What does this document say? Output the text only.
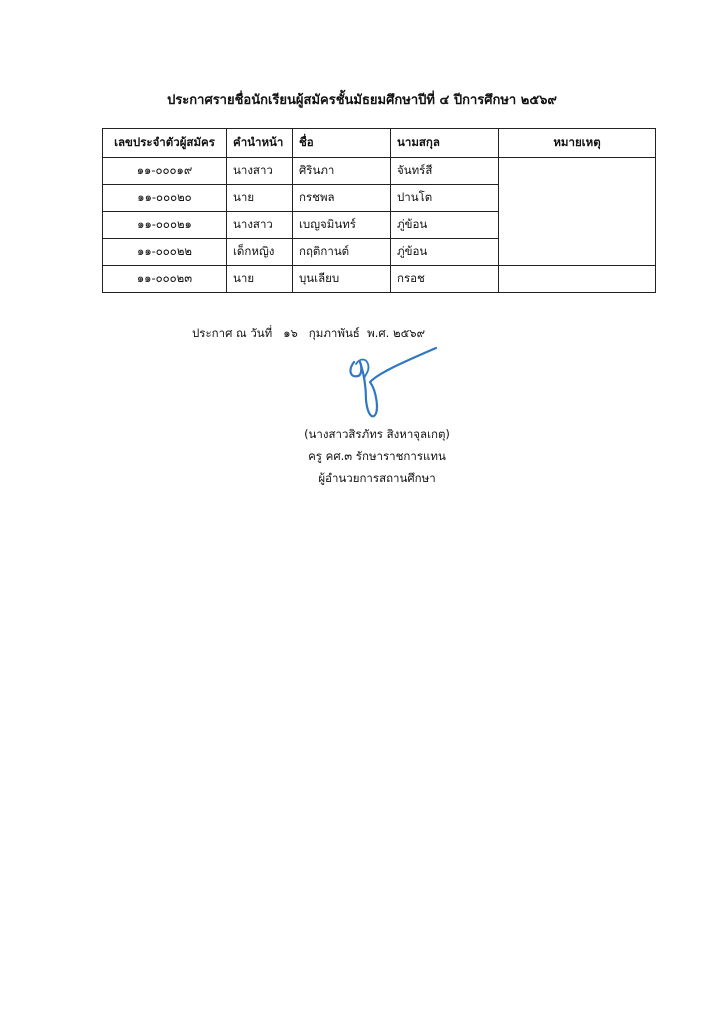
ประกาศรายชื่อนักเรียนผู้สมัครชั้นมัธยมศึกษาปีที่ ๔ ปีการศึกษา ๒๕๖๙
เลขประจำตัวผู้สมัคร	คำนำหน้า	ชื่อ	นามสกุล	หมายเหตุ
๑๑-๐๐๐๑๙	นางสาว	ศิรินภา	จันทร์สี	
๑๑-๐๐๐๒๐	นาย	กรชพล	ปานโต	
๑๑-๐๐๐๒๑	นางสาว	เบญจมินทร์	ภู่ข้อน	
๑๑-๐๐๐๒๒	เด็กหญิง	กฤติกานต์	ภู่ข้อน	
๑๑-๐๐๐๒๓	นาย	บุนเลียบ	กรอช	
ประกาศ ณ วันที่   ๑๖   กุมภาพันธ์  พ.ศ. ๒๕๖๙
(นางสาวสิรภัทร สิงหาจุลเกตุ)
ครู คศ.๓ รักษาราชการแทน
ผู้อำนวยการสถานศึกษา
